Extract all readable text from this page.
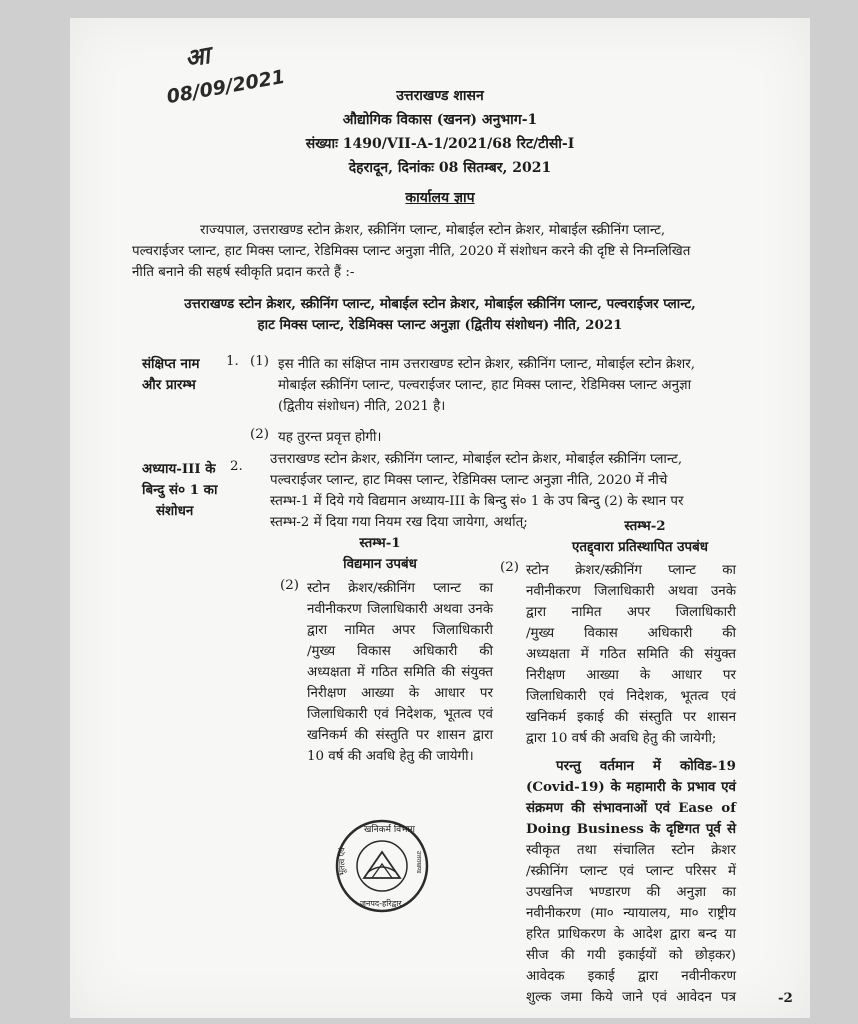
आ
08/09/2021	उत्तराखण्ड शासन
औद्योगिक विकास (खनन) अनुभाग-1
संख्याः 1490/VII-A-1/2021/68 रिट/टीसी-I
देहरादून, दिनांकः 08 सितम्बर, 2021
कार्यालय ज्ञाप
राज्यपाल, उत्तराखण्ड स्टोन क्रेशर, स्क्रीनिंग प्लान्ट, मोबाईल स्टोन क्रेशर, मोबाईल स्क्रीनिंग प्लान्ट,
पल्वराईजर प्लान्ट, हाट मिक्स प्लान्ट, रेडिमिक्स प्लान्ट अनुज्ञा नीति, 2020 में संशोधन करने की दृष्टि से निम्नलिखित
नीति बनाने की सहर्ष स्वीकृति प्रदान करते हैं :-
उत्तराखण्ड स्टोन क्रेशर, स्क्रीनिंग प्लान्ट, मोबाईल स्टोन क्रेशर, मोबाईल स्क्रीनिंग प्लान्ट, पल्वराईजर प्लान्ट,
हाट मिक्स प्लान्ट, रेडिमिक्स प्लान्ट अनुज्ञा (द्वितीय संशोधन) नीति, 2021
संक्षिप्त नाम
और प्रारम्भ
1. (1) इस नीति का संक्षिप्त नाम उत्तराखण्ड स्टोन क्रेशर, स्क्रीनिंग प्लान्ट, मोबाईल स्टोन क्रेशर,
मोबाईल स्क्रीनिंग प्लान्ट, पल्वराईजर प्लान्ट, हाट मिक्स प्लान्ट, रेडिमिक्स प्लान्ट अनुज्ञा
(द्वितीय संशोधन) नीति, 2021 है।
(2) यह तुरन्त प्रवृत्त होगी।
अध्याय-III के
बिन्दु सं० 1 का
संशोधन
2. उत्तराखण्ड स्टोन क्रेशर, स्क्रीनिंग प्लान्ट, मोबाईल स्टोन क्रेशर, मोबाईल स्क्रीनिंग प्लान्ट,
पल्वराईजर प्लान्ट, हाट मिक्स प्लान्ट, रेडिमिक्स प्लान्ट अनुज्ञा नीति, 2020 में नीचे
स्तम्भ-1 में दिये गये विद्यमान अध्याय-III के बिन्दु सं० 1 के उप बिन्दु (2) के स्थान पर
स्तम्भ-2 में दिया गया नियम रख दिया जायेगा, अर्थात्;
स्तम्भ-1
विद्यमान उपबंध
(2) स्टोन क्रेशर/स्क्रीनिंग प्लान्ट का

नवीनीकरण जिलाधिकारी अथवा उनके

द्वारा नामित अपर जिलाधिकारी

/मुख्य विकास अधिकारी की

अध्यक्षता में गठित समिति की संयुक्त

निरीक्षण आख्या के आधार पर

जिलाधिकारी एवं निदेशक, भूतत्व एवं

खनिकर्म की संस्तुति पर शासन द्वारा

10 वर्ष की अवधि हेतु की जायेगी।

स्तम्भ-2
एतद्द्वारा प्रतिस्थापित उपबंध
(2) स्टोन क्रेशर/स्क्रीनिंग प्लान्ट का

नवीनीकरण जिलाधिकारी अथवा उनके

द्वारा नामित अपर जिलाधिकारी

/मुख्य विकास अधिकारी की

अध्यक्षता में गठित समिति की संयुक्त

निरीक्षण आख्या के आधार पर

जिलाधिकारी एवं निदेशक, भूतत्व एवं

खनिकर्म इकाई की संस्तुति पर शासन

द्वारा 10 वर्ष की अवधि हेतु की जायेगी;

परन्तु वर्तमान में कोविड-19

(Covid-19) के महामारी के प्रभाव एवं

संक्रमण की संभावनाओं एवं Ease of

Doing Business के दृष्टिगत पूर्व से

स्वीकृत तथा संचालित स्टोन क्रेशर

/स्क्रीनिंग प्लान्ट एवं प्लान्ट परिसर में

उपखनिज भण्डारण की अनुज्ञा का

नवीनीकरण (मा० न्यायालय, मा० राष्ट्रीय

हरित प्राधिकरण के आदेश द्वारा बन्द या

सीज की गयी इकाईयों को छोड़कर)

आवेदक इकाई द्वारा नवीनीकरण

शुल्क जमा किये जाने एवं आवेदन पत्र

खनिकर्म विभाग
भूतत्व एवं	उत्तराखण्ड
जनपद-हरिद्वार
-2
